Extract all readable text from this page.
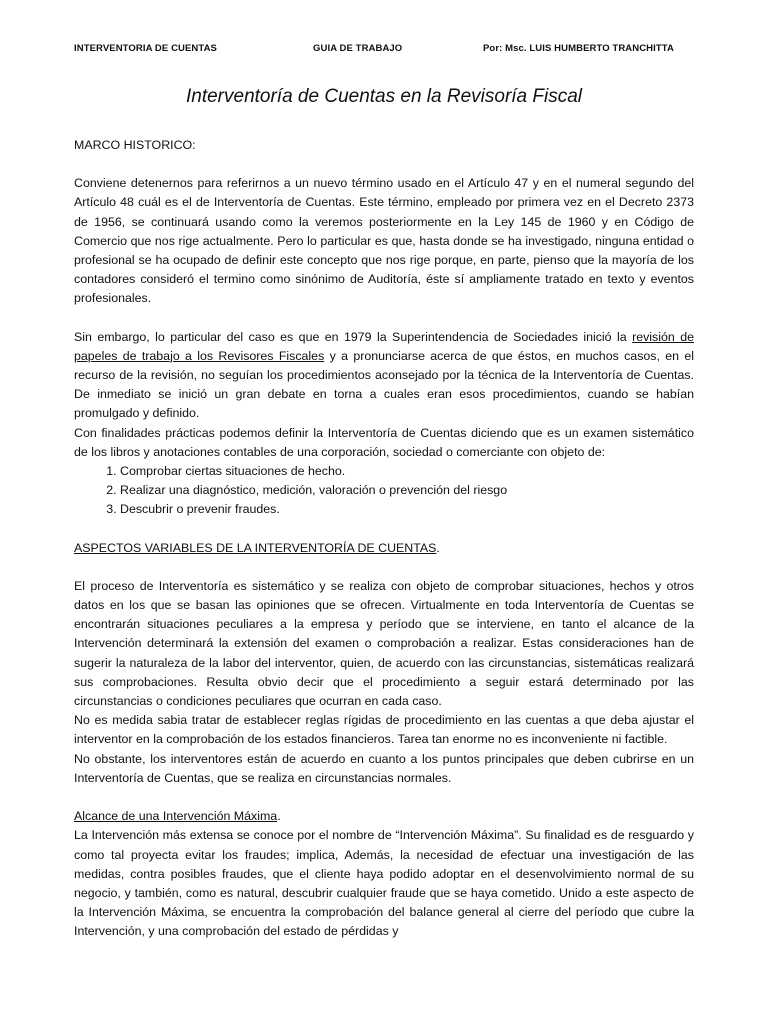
INTERVENTORIA DE CUENTAS	GUIA DE TRABAJO	Por: Msc. LUIS HUMBERTO TRANCHITTA
Interventoría de Cuentas en la Revisoría Fiscal

MARCO HISTORICO:

Conviene detenernos para referirnos a un nuevo término usado en el Artículo 47 y en el numeral segundo del Artículo 48 cuál es el de Interventoría de Cuentas. Este término, empleado por primera vez en el Decreto 2373 de 1956, se continuará usando como la veremos posteriormente en la Ley 145 de 1960 y en Código de Comercio que nos rige actualmente. Pero lo particular es que, hasta donde se ha investigado, ninguna entidad o profesional se ha ocupado de definir este concepto que nos rige porque, en parte, pienso que la mayoría de los contadores consideró el termino como sinónimo de Auditoría, éste sí ampliamente tratado en texto y eventos profesionales.

Sin embargo, lo particular del caso es que en 1979 la Superintendencia de Sociedades inició la revisión de papeles de trabajo a los Revisores Fiscales y a pronunciarse acerca de que éstos, en muchos casos, en el recurso de la revisión, no seguían los procedimientos aconsejado por la técnica de la Interventoría de Cuentas. De inmediato se inició un gran debate en torna a cuales eran esos procedimientos, cuando se habían promulgado y definido.

Con finalidades prácticas podemos definir la Interventoría de Cuentas diciendo que es un examen sistemático de los libros y anotaciones contables de una corporación, sociedad o comerciante con objeto de:

1. Comprobar ciertas situaciones de hecho.
2. Realizar una diagnóstico, medición, valoración o prevención del riesgo
3. Descubrir o prevenir fraudes.

ASPECTOS VARIABLES DE LA INTERVENTORÍA DE CUENTAS.

El proceso de Interventoría es sistemático y se realiza con objeto de comprobar situaciones, hechos y otros datos en los que se basan las opiniones que se ofrecen. Virtualmente en toda Interventoría de Cuentas se encontrarán situaciones peculiares a la empresa y período que se interviene, en tanto el alcance de la Intervención determinará la extensión del examen o comprobación a realizar. Estas consideraciones han de sugerir la naturaleza de la labor del interventor, quien, de acuerdo con las circunstancias, sistemáticas realizará sus comprobaciones. Resulta obvio decir que el procedimiento a seguir estará determinado por las circunstancias o condiciones peculiares que ocurran en cada caso.

No es medida sabia tratar de establecer reglas rígidas de procedimiento en las cuentas a que deba ajustar el interventor en la comprobación de los estados financieros. Tarea tan enorme no es inconveniente ni factible.

No obstante, los interventores están de acuerdo en cuanto a los puntos principales que deben cubrirse en un Interventoría de Cuentas, que se realiza en circunstancias normales.

Alcance de una Intervención Máxima.

La Intervención más extensa se conoce por el nombre de “Intervención Máxima”. Su finalidad es de resguardo y como tal proyecta evitar los fraudes; implica, Además, la necesidad de efectuar una investigación de las medidas, contra posibles fraudes, que el cliente haya podido adoptar en el desenvolvimiento normal de su negocio, y también, como es natural, descubrir cualquier fraude que se haya cometido. Unido a este aspecto de la Intervención Máxima, se encuentra la comprobación del balance general al cierre del período que cubre la Intervención, y una comprobación del estado de pérdidas y
